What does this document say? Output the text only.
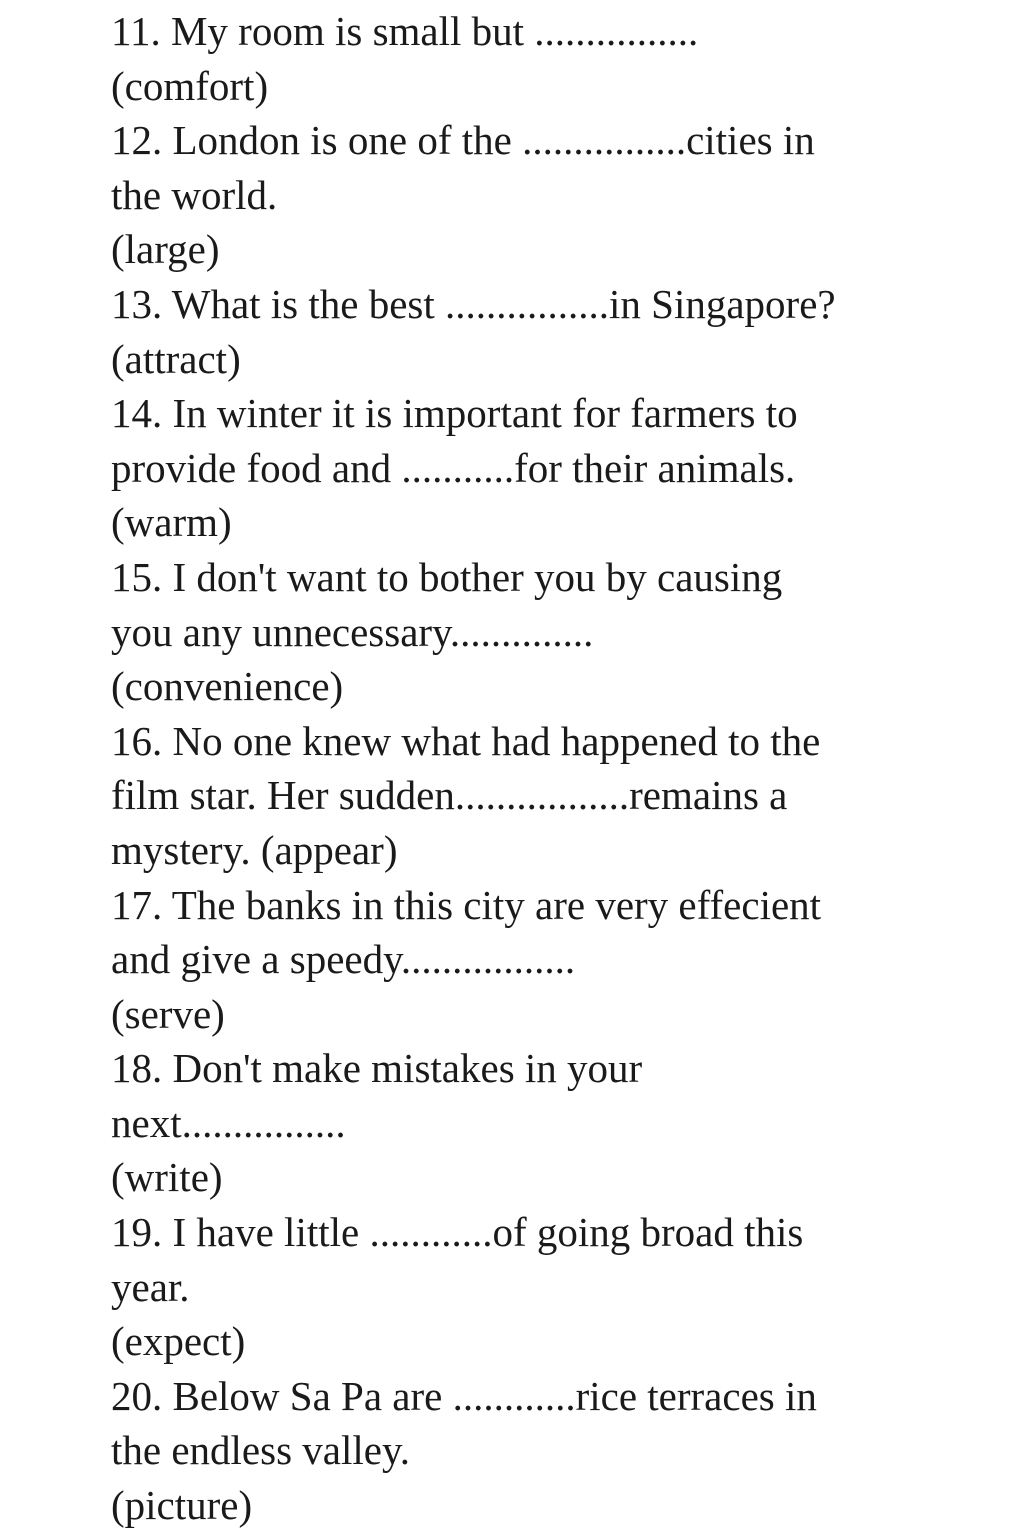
11. My room is small but ................
(comfort)
12. London is one of the ................cities in
the world.
(large)
13. What is the best ................in Singapore?
(attract)
14. In winter it is important for farmers to
provide food and ...........for their animals.
(warm)
15. I don't want to bother you by causing
you any unnecessary..............
(convenience)
16. No one knew what had happened to the
film star. Her sudden.................remains a
mystery. (appear)
17. The banks in this city are very effecient
and give a speedy.................
(serve)
18. Don't make mistakes in your
next................
(write)
19. I have little ............of going broad this
year.
(expect)
20. Below Sa Pa are ............rice terraces in
the endless valley.
(picture)
